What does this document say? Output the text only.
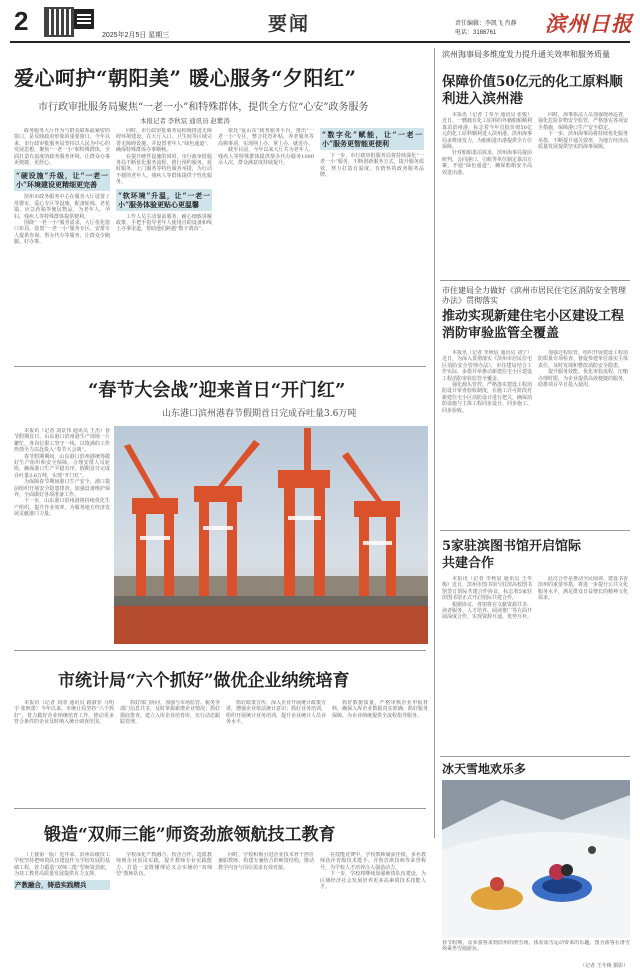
2	要闻
2025年2月5日 星期三
责任编辑：李凯飞 肖静
电话：3186761 滨州日报
爱心呵护“朝阳美” 暖心服务“夕阳红”
市行政审批服务局聚焦“一老一小”和特殊群体，提供全方位“心安”政务服务
本报记者 李秋宸 通讯员 赵紫涛

政务服务大厅作为与群众联系最紧密的窗口，是反映政府形象的重要窗口。今年以来，市行政审批服务局坚持以人民为中心的发展思想，聚焦“一老一小”和特殊群体，全面打造有温度的政务服务环境，让群众办事更便捷、更舒心。

“硬设施”升级，让“一老一小”环境建设更精细更完善

滨州市政务服务中心在服务大厅设置了母婴室、爱心专区等设施，配备轮椅、老花镜、应急药箱等便民物品，为老年人、孕妇、残疾人等特殊群体提供便利。

围绕“一老一小”服务需求，大厅优化窗口布局，设置“一老一小”服务专区，安排专人提供咨询、帮办代办等服务，让群众少跑腿、好办事。

同时，市行政审批服务局积极推进无障碍环境建设，在大厅入口、卫生间等区域完善无障碍设施，并设置老年人“绿色通道”，确保特殊群体办事顺畅。

在提升硬件设施的同时，市行政审批服务局不断优化服务流程，推行预约服务、延时服务、上门服务等特色服务举措，为行动不便的老年人、残疾人等群体提供个性化服务。

“软环境”升温，让“一老一小”服务体验更贴心更温馨

工作人员主动靠前服务，耐心细致讲解政策，手把手指导老年人使用自助设备和线上办事渠道，帮助他们跨越“数字鸿沟”。

依托“爱山东”政务服务平台，推出“一老一小”专区，整合托育补贴、养老服务等高频事项，实现网上办、掌上办、就近办。

截至目前，今年以来大厅共为老年人、残疾人等特殊群体提供帮办代办服务1000余人次，群众满意度持续提升。

“数字化”赋能，让“一老一小”服务更智能更便利

下一步，市行政审批服务局将持续深化“一老一小”服务，不断创新服务方式，提升服务质效，努力打造有温度、有情怀的政务服务品牌。

滨州海事局多维度发力提升通关效率和服务质量
保障价值50亿元的化工原料顺利进入滨州港

本报讯（记者 丁奉全 通讯员 张俊）近日，一艘载有化工原料的外籍船舶顺利靠泊滨州港，标志着今年首批价值50亿元的化工原料顺利进入滨州港。滨州海事局多维度发力，为船舶进出港提供全方位保障。

针对船舶靠泊需求，滨州海事局提前研判，会同港口、引航等单位制定靠泊方案，开通“绿色通道”，确保船舶安全高效进出港。

同时，海事执法人员加强现场巡查，强化危险货物安全监管，严格落实各项安全措施，保障港口生产安全稳定。

下一步，滨州海事局将持续优化服务举措，不断提升通关效率，为地方经济高质量发展提供坚实的海事保障。

市住建局全力做好《滨州市居民住宅区消防安全管理办法》贯彻落实
推动实现新建住宅小区建设工程消防审验监管全覆盖

本报讯（记者 李秋宸 通讯员 刘宁）近日，为深入贯彻落实《滨州市居民住宅区消防安全管理办法》，市住建局结合工作实际，多措并举推动新建住宅小区建设工程消防审验监管全覆盖。

强化源头管控。严格落实建设工程消防设计审查验收制度，在施工许可阶段对新建住宅小区消防设计进行把关，确保消防设施与主体工程同步设计、同步施工、同步验收。

加强过程监管。组织开展建设工程消防质量专项检查，督促参建单位落实主体责任，及时发现和整改消防安全隐患。

提升服务效能。优化审验流程，压缩办理时限，为企业提供高效便捷的服务，助推项目早日投入使用。

5家驻滨图书馆开启馆际共建合作

本报讯（记者 李秋宸 通讯员 王冬梅）近日，滨州市图书馆与驻滨高校图书馆签订馆际共建合作协议，标志着5家驻滨图书馆正式开启馆际共建合作。

根据协议，各馆将在文献资源共享、读者服务、人才培养、阅读推广等方面开展深度合作，实现资源互通、优势互补。

此次合作是推动全民阅读、建设书香滨州的重要举措，将进一步提升公共文化服务水平，满足群众日益增长的精神文化需求。

冰天雪地欢乐多
春节假期，众多游客来到滨州的滑雪场，体验冰雪运动带来的乐趣。图为游客在滑雪场乘坐雪圈游玩。
（记者 王冬梅 摄影）
“春节大会战”迎来首日“开门红”
山东港口滨州港春节假期首日完成吞吐量3.6万吨

本报讯（记者 刘景伟 通讯员 王杰）春节假期首日，山东港口滨州港生产现场一片繁忙，各岗位职工坚守一线，以饱满的工作热情全力以赴投入“春节大会战”。

春节假期期间，山东港口滨州港统筹做好生产组织和安全保障，合理安排人员轮班，确保港口生产平稳有序，假期首日完成吞吐量3.6万吨，实现“开门红”。

为保障春节期间港口生产安全，港口提前组织开展安全隐患排查，加强设备维护保养，全面做好各项准备工作。

下一步，山东港口滨州港将持续优化生产组织，提升作业效率，为服务地方经济发展贡献港口力量。

市统计局“六个抓好”做优企业纳统培育

本报讯（记者 刘清 通讯员 路淑菲 马明宇 张秋蕾）今年以来，市统计局坚持“六个抓好”，着力做好企业纳统培育工作，推动更多符合条件的企业及时纳入统计调查范围。

抓好部门协同，加强与市场监管、税务等部门信息共享，及时掌握新增企业情况；抓好摸底排查，建立入库企业培育库，实行动态跟踪管理。

抓好政策宣传，深入企业开展统计政策宣讲，增强企业依法统计意识；抓好业务培训，组织开展统计业务培训，提升企业统计人员业务水平。

抓好数据质量，严格审核企业申报材料，确保入库企业数据真实准确；抓好服务保障，为企业纳统提供全流程指导服务。

锻造“双师三能”师资劲旅领航技工教育

（上接第一版）近年来，滨州高级技工学校坚持把师资队伍建设作为学校发展的基础工程，着力锻造“双师三能”型师资劲旅，为技工教育高质量发展提供有力支撑。

产教融合，铸造实践精兵

学校深化产教融合、校企合作，选派教师到企业顶岗实践，提升教师专业实践能力，打造一支既懂理论又会实操的“双师型”教师队伍。

同时，学校积极引进企业技术骨干担任兼职教师，构建专兼结合的师资结构，推动教学内容与岗位需求有效对接。

在技能竞赛中，学校教师屡获佳绩，多名教师获评省级技术能手、齐鲁首席技师等荣誉称号，为学校人才培养注入强劲动力。

下一步，学校将继续加强师资队伍建设，为区域经济社会发展培养更多高素质技术技能人才。
